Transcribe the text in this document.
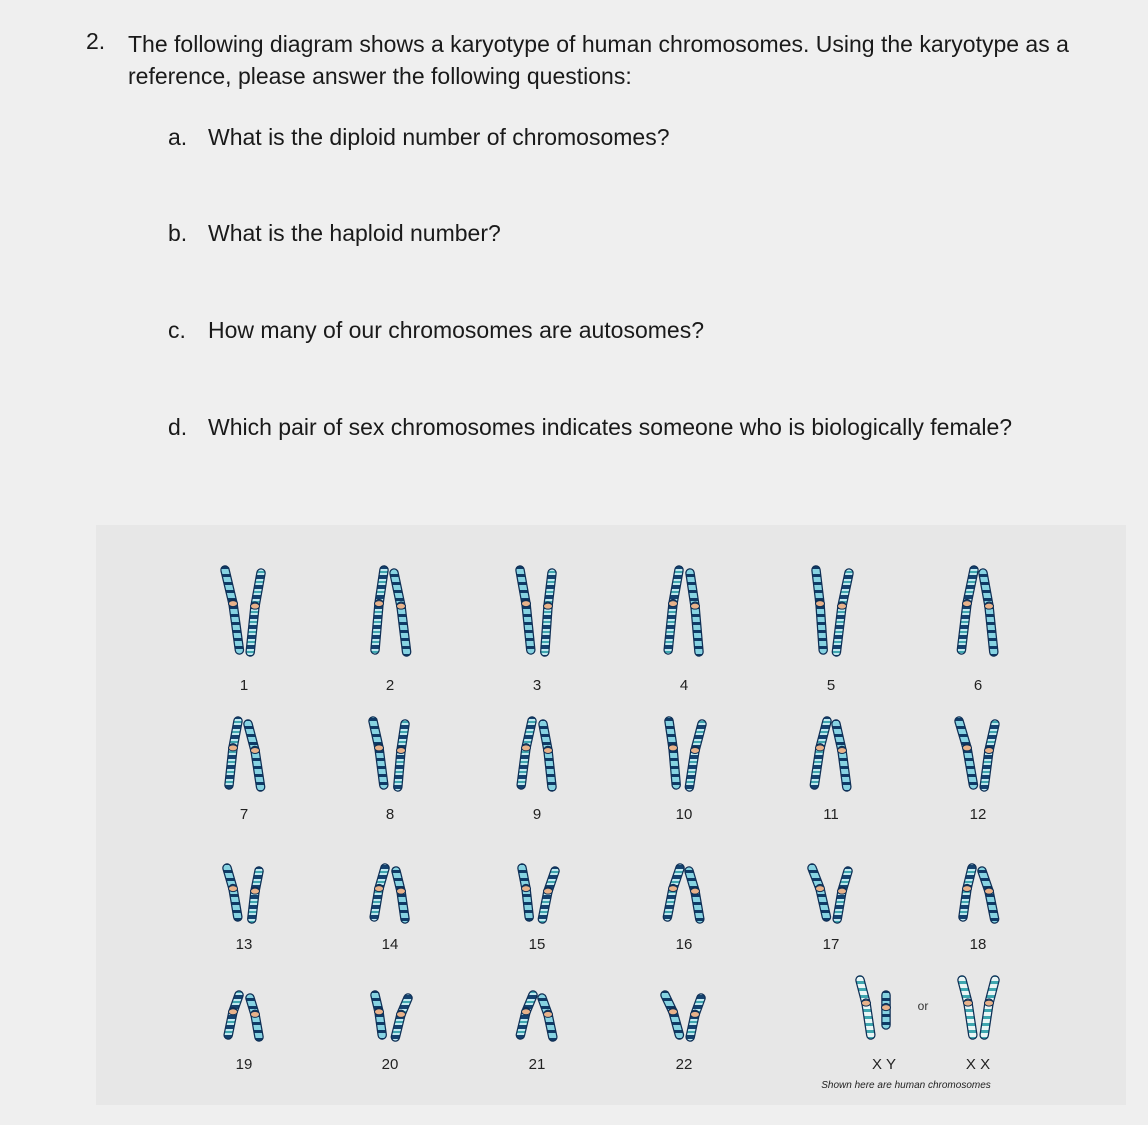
2. The following diagram shows a karyotype of human chromosomes. Using the karyotype as a reference, please answer the following questions:
a. What is the diploid number of chromosomes?
b. What is the haploid number?
c. How many of our chromosomes are autosomes?
d. Which pair of sex chromosomes indicates someone who is biologically female?
1	2	3	4	5	6
7	8	9	10	11	12
13	14	15	16	17	18
19	20	21	22
or
X Y	X X
Shown here are human chromosomes
